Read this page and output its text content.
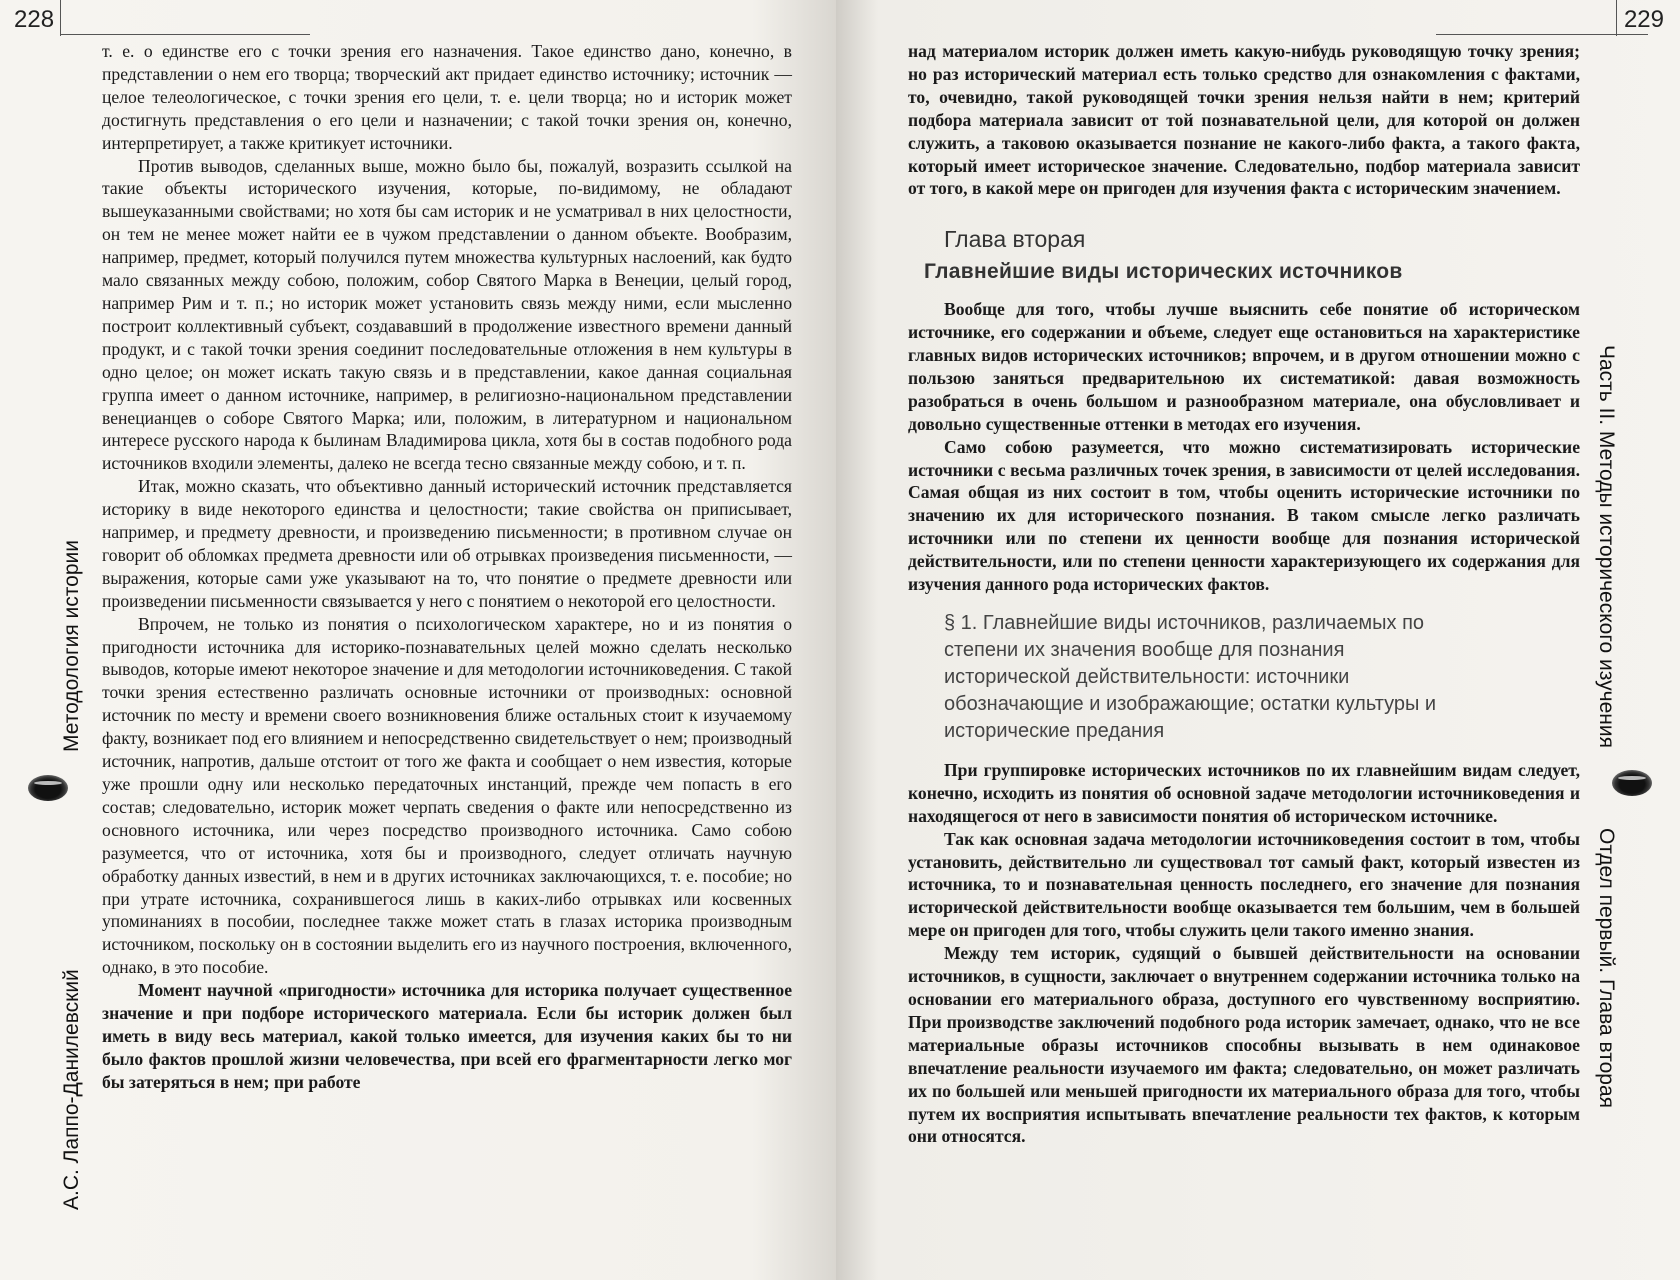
228
Методология истории
А.С. Лаппо-Данилевский

т. е. о единстве его с точки зрения его назначения. Такое единство дано, конечно, в представлении о нем его творца; творческий акт придает единство источнику; источник — целое телеологическое, с точки зрения его цели, т. е. цели творца; но и историк может достигнуть представления о его цели и назначении; с такой точки зрения он, конечно, интерпретирует, а также критикует источники.

Против выводов, сделанных выше, можно было бы, пожалуй, возразить ссылкой на такие объекты исторического изучения, которые, по-видимому, не обладают вышеуказанными свойствами; но хотя бы сам историк и не усматривал в них целостности, он тем не менее может найти ее в чужом представлении о данном объекте. Вообразим, например, предмет, который получился путем множества культурных наслоений, как будто мало связанных между собою, положим, собор Святого Марка в Венеции, целый город, например Рим и т. п.; но историк может установить связь между ними, если мысленно построит коллективный субъект, создававший в продолжение известного времени данный продукт, и с такой точки зрения соединит последовательные отложения в нем культуры в одно целое; он может искать такую связь и в представлении, какое данная социальная группа имеет о данном источнике, например, в религиозно-национальном представлении венецианцев о соборе Святого Марка; или, положим, в литературном и национальном интересе русского народа к былинам Владимирова цикла, хотя бы в состав подобного рода источников входили элементы, далеко не всегда тесно связанные между собою, и т. п.

Итак, можно сказать, что объективно данный исторический источник представляется историку в виде некоторого единства и целостности; такие свойства он приписывает, например, и предмету древности, и произведению письменности; в противном случае он говорит об обломках предмета древности или об отрывках произведения письменности, — выражения, которые сами уже указывают на то, что понятие о предмете древности или произведении письменности связывается у него с понятием о некоторой его целостности.

Впрочем, не только из понятия о психологическом характере, но и из понятия о пригодности источника для историко-познавательных целей можно сделать несколько выводов, которые имеют некоторое значение и для методологии источниковедения. С такой точки зрения естественно различать основные источники от производных: основной источник по месту и времени своего возникновения ближе остальных стоит к изучаемому факту, возникает под его влиянием и непосредственно свидетельствует о нем; производный источник, напротив, дальше отстоит от того же факта и сообщает о нем известия, которые уже прошли одну или несколько передаточных инстанций, прежде чем попасть в его состав; следовательно, историк может черпать сведения о факте или непосредственно из основного источника, или через посредство производного источника. Само собою разумеется, что от источника, хотя бы и производного, следует отличать научную обработку данных известий, в нем и в других источниках заключающихся, т. е. пособие; но при утрате источника, сохранившегося лишь в каких-либо отрывках или косвенных упоминаниях в пособии, последнее также может стать в глазах историка производным источником, поскольку он в состоянии выделить его из научного построения, включенного, однако, в это пособие.

Момент научной «пригодности» источника для историка получает существенное значение и при подборе исторического материала. Если бы историк должен был иметь в виду весь материал, какой только имеется, для изучения каких бы то ни было фактов прошлой жизни человечества, при всей его фрагментарности легко мог бы затеряться в нем; при работе

229
Часть II. Методы исторического изучения
Отдел первый. Глава вторая

над материалом историк должен иметь какую-нибудь руководящую точку зрения; но раз исторический материал есть только средство для ознакомления с фактами, то, очевидно, такой руководящей точки зрения нельзя найти в нем; критерий подбора материала зависит от той познавательной цели, для которой он должен служить, а таковою оказывается познание не какого-либо факта, а такого факта, который имеет историческое значение. Следовательно, подбор материала зависит от того, в какой мере он пригоден для изучения факта с историческим значением.

Глава вторая
Главнейшие виды исторических источников

Вообще для того, чтобы лучше выяснить себе понятие об историческом источнике, его содержании и объеме, следует еще остановиться на характеристике главных видов исторических источников; впрочем, и в другом отношении можно с пользою заняться предварительною их систематикой: давая возможность разобраться в очень большом и разнообразном материале, она обусловливает и довольно существенные оттенки в методах его изучения.

Само собою разумеется, что можно систематизировать исторические источники с весьма различных точек зрения, в зависимости от целей исследования. Самая общая из них состоит в том, чтобы оценить исторические источники по значению их для исторического познания. В таком смысле легко различать источники или по степени их ценности вообще для познания исторической действительности, или по степени ценности характеризующего их содержания для изучения данного рода исторических фактов.

§ 1. Главнейшие виды источников, различаемых по степени их значения вообще для познания исторической действительности: источники обозначающие и изображающие; остатки культуры и исторические предания

При группировке исторических источников по их главнейшим видам следует, конечно, исходить из понятия об основной задаче методологии источниковедения и находящегося от него в зависимости понятия об историческом источнике.

Так как основная задача методологии источниковедения состоит в том, чтобы установить, действительно ли существовал тот самый факт, который известен из источника, то и познавательная ценность последнего, его значение для познания исторической действительности вообще оказывается тем большим, чем в большей мере он пригоден для того, чтобы служить цели такого именно знания.

Между тем историк, судящий о бывшей действительности на основании источников, в сущности, заключает о внутреннем содержании источника только на основании его материального образа, доступного его чувственному восприятию. При производстве заключений подобного рода историк замечает, однако, что не все материальные образы источников способны вызывать в нем одинаковое впечатление реальности изучаемого им факта; следовательно, он может различать их по большей или меньшей пригодности их материального образа для того, чтобы путем их восприятия испытывать впечатление реальности тех фактов, к которым они относятся.
